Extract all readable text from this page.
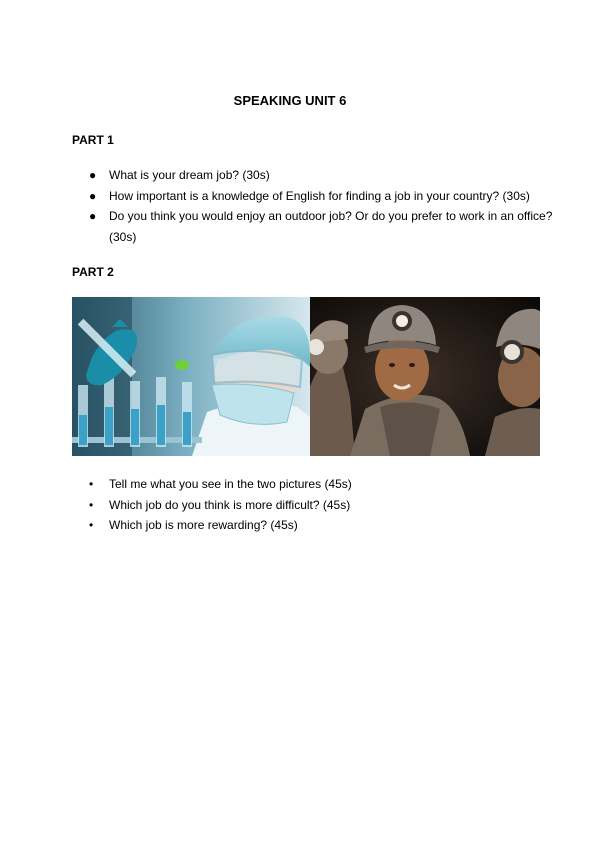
SPEAKING UNIT 6
PART 1
● What is your dream job? (30s)
● How important is a knowledge of English for finding a job in your country? (30s)
● Do you think you would enjoy an outdoor job? Or do you prefer to work in an office? (30s)
PART 2
• Tell me what you see in the two pictures (45s)
• Which job do you think is more difficult? (45s)
• Which job is more rewarding? (45s)
